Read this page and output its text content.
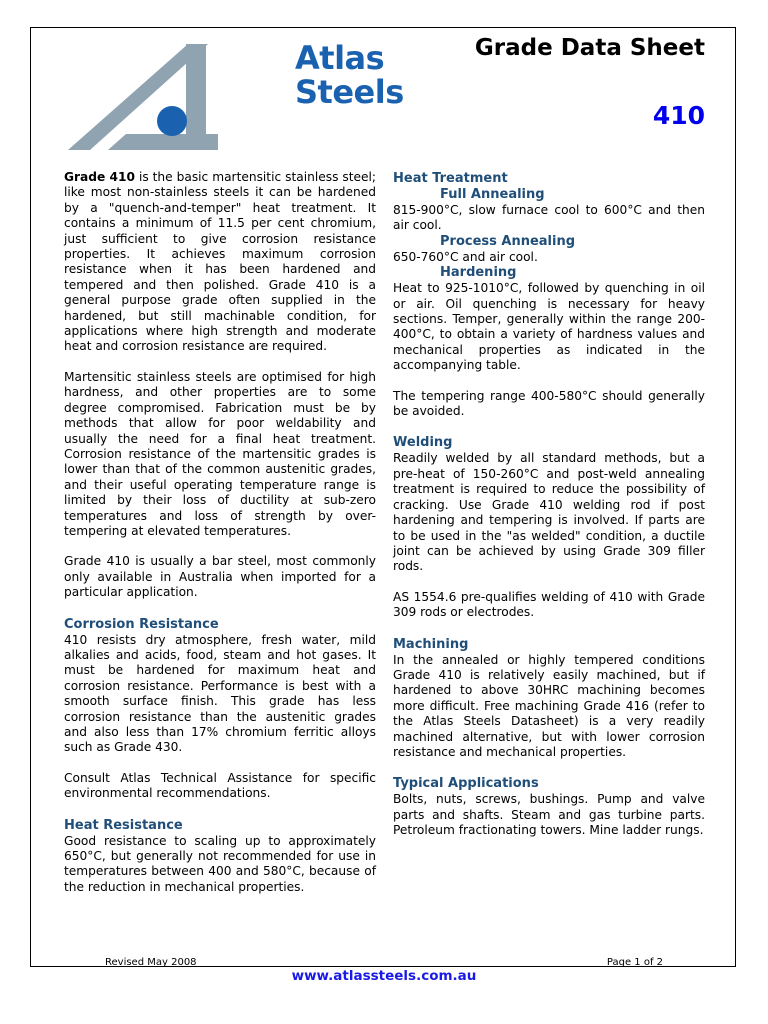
Atlas
Steels
Grade Data Sheet
410

Grade 410 is the basic martensitic stainless steel; like most non-stainless steels it can be hardened by a "quench-and-temper" heat treatment. It contains a minimum of 11.5 per cent chromium, just sufficient to give corrosion resistance properties. It achieves maximum corrosion resistance when it has been hardened and tempered and then polished. Grade 410 is a general purpose grade often supplied in the hardened, but still machinable condition, for applications where high strength and moderate heat and corrosion resistance are required.

Martensitic stainless steels are optimised for high hardness, and other properties are to some degree compromised. Fabrication must be by methods that allow for poor weldability and usually the need for a final heat treatment. Corrosion resistance of the martensitic grades is lower than that of the common austenitic grades, and their useful operating temperature range is limited by their loss of ductility at sub-zero temperatures and loss of strength by over-tempering at elevated temperatures.

Grade 410 is usually a bar steel, most commonly only available in Australia when imported for a particular application.

Corrosion Resistance

410 resists dry atmosphere, fresh water, mild alkalies and acids, food, steam and hot gases. It must be hardened for maximum heat and corrosion resistance. Performance is best with a smooth surface finish. This grade has less corrosion resistance than the austenitic grades and also less than 17% chromium ferritic alloys such as Grade 430.

Consult Atlas Technical Assistance for specific environmental recommendations.

Heat Resistance

Good resistance to scaling up to approximately 650°C, but generally not recommended for use in temperatures between 400 and 580°C, because of the reduction in mechanical properties.

Heat Treatment
Full Annealing

815-900°C, slow furnace cool to 600°C and then air cool.

Process Annealing

650-760°C and air cool.

Hardening

Heat to 925-1010°C, followed by quenching in oil or air. Oil quenching is necessary for heavy sections. Temper, generally within the range 200-400°C, to obtain a variety of hardness values and mechanical properties as indicated in the accompanying table.

The tempering range 400-580°C should generally be avoided.

Welding

Readily welded by all standard methods, but a pre-heat of 150-260°C and post-weld annealing treatment is required to reduce the possibility of cracking. Use Grade 410 welding rod if post hardening and tempering is involved. If parts are to be used in the "as welded" condition, a ductile joint can be achieved by using Grade 309 filler rods.

AS 1554.6 pre-qualifies welding of 410 with Grade 309 rods or electrodes.

Machining

In the annealed or highly tempered conditions Grade 410 is relatively easily machined, but if hardened to above 30HRC machining becomes more difficult. Free machining Grade 416 (refer to the Atlas Steels Datasheet) is a very readily machined alternative, but with lower corrosion resistance and mechanical properties.

Typical Applications

Bolts, nuts, screws, bushings. Pump and valve parts and shafts. Steam and gas turbine parts. Petroleum fractionating towers. Mine ladder rungs.

Revised May 2008	Page 1 of 2
www.atlassteels.com.au
